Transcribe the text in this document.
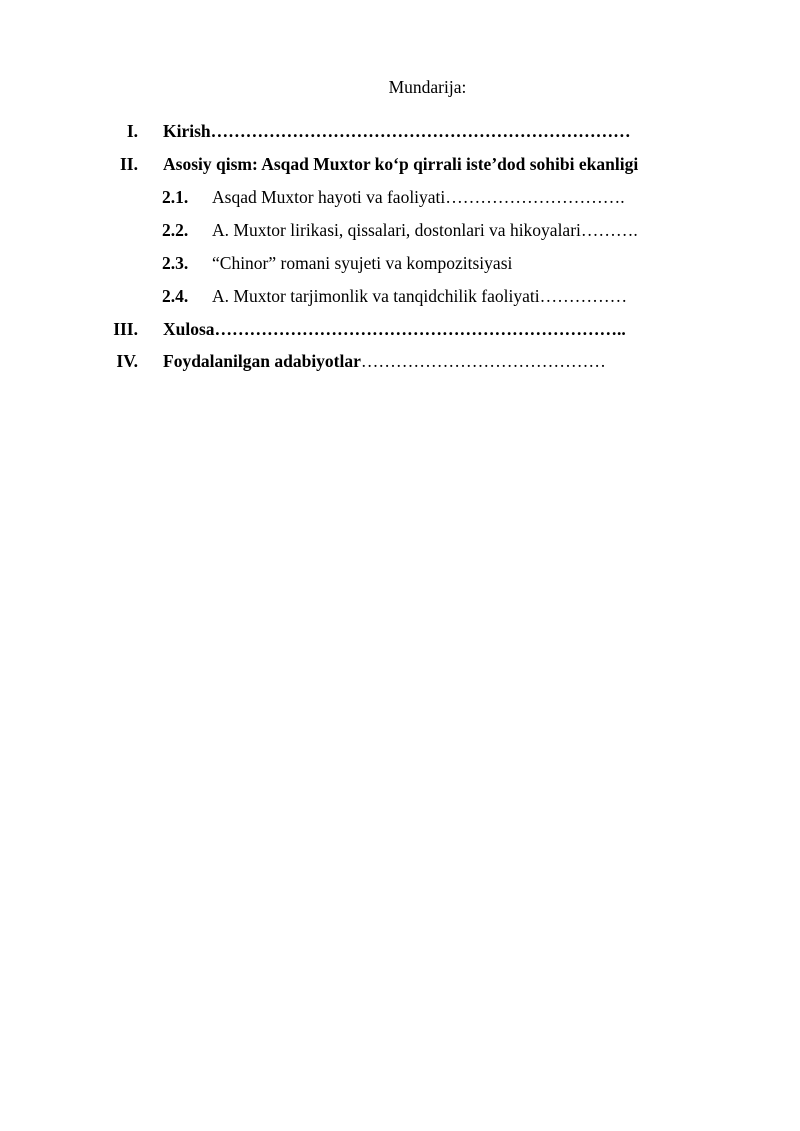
Mundarija:
I. Kirish………………………………………………………………
II. Asosiy qism: Asqad Muxtor ko‘p qirrali iste’dod sohibi ekanligi
2.1.	Asqad Muxtor hayoti va faoliyati………………………….
2.2.	A. Muxtor lirikasi, qissalari, dostonlari va hikoyalari……….
2.3.	“Chinor” romani syujeti va kompozitsiyasi
2.4.	A. Muxtor tarjimonlik va tanqidchilik faoliyati……………
III. Xulosa……………………………………………………………..
IV. Foydalanilgan adabiyotlar……………………………………
